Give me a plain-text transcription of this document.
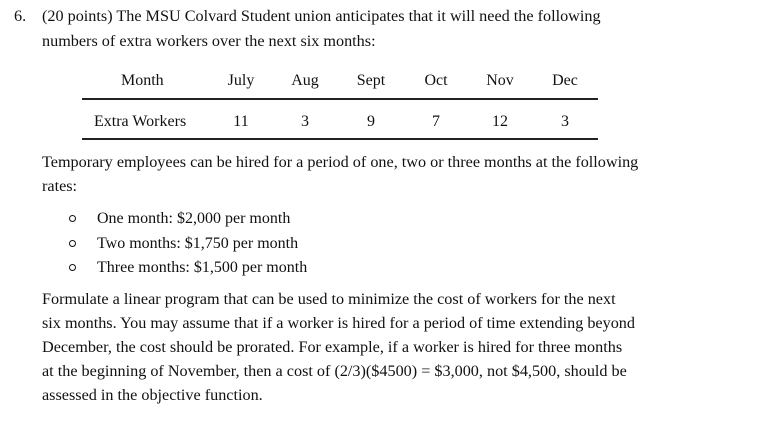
6. (20 points) The MSU Colvard Student union anticipates that it will need the following
numbers of extra workers over the next six months:
Month	July Aug Sept Oct Nov Dec
Extra Workers	11	3	9	7	12	3
Temporary employees can be hired for a period of one, two or three months at the following
rates:
One month: $2,000 per month
Two months: $1,750 per month
Three months: $1,500 per month
Formulate a linear program that can be used to minimize the cost of workers for the next
six months. You may assume that if a worker is hired for a period of time extending beyond
December, the cost should be prorated. For example, if a worker is hired for three months
at the beginning of November, then a cost of (2/3)($4500) = $3,000, not $4,500, should be
assessed in the objective function.
